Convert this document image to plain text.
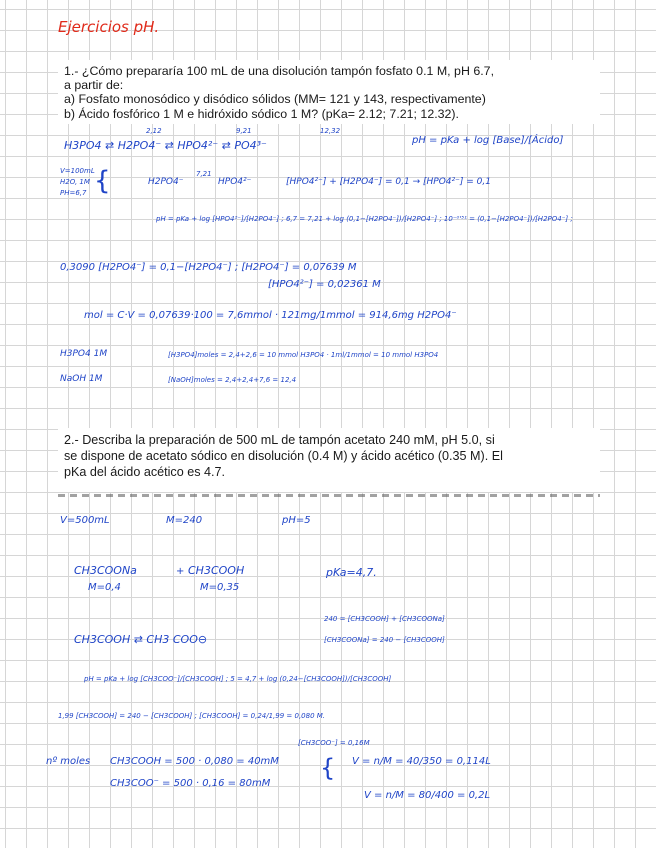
Ejercicios pH.

1.- ¿Cómo prepararía 100 mL de una disolución tampón fosfato 0.1 M, pH 6.7,

a partir de:

a) Fosfato monosódico y disódico sólidos (MM= 121 y 143, respectivamente)

b) Ácido fosfórico 1 M e hidróxido sódico 1 M? (pKa= 2.12; 7.21; 12.32).

2,12	9,21	12,32
H3PO4 ⇄ H2PO4⁻ ⇄ HPO4²⁻ ⇄ PO4³⁻	pH = pKa + log [Base]/[Ácido]
V=100mL
H2O, 1M
PH=6,7 {	H2PO4⁻
7,21
HPO4²⁻	[HPO4²⁻] + [H2PO4⁻] = 0,1 → [HPO4²⁻] = 0,1
pH = pKa + log [HPO4²⁻]/[H2PO4⁻] ; 6,7 = 7,21 + log (0,1−[H2PO4⁻])/[H2PO4⁻] ; 10⁻⁰'⁵¹ = (0,1−[H2PO4⁻])/[H2PO4⁻] ;
0,3090 [H2PO4⁻] = 0,1−[H2PO4⁻] ; [H2PO4⁻] = 0,07639 M
[HPO4²⁻] = 0,02361 M
mol = C·V = 0,07639·100 = 7,6mmol · 121mg/1mmol = 914,6mg H2PO4⁻
H3PO4 1M	[H3PO4]moles = 2,4+2,6 = 10 mmol H3PO4 · 1ml/1mmol = 10 mmol H3PO4
NaOH 1M	[NaOH]moles = 2,4+2,4+7,6 = 12,4

2.- Describa la preparación de 500 mL de tampón acetato 240 mM, pH 5.0, si

se dispone de acetato sódico en disolución (0.4 M) y ácido acético (0.35 M). El

pKa del ácido acético es 4.7.

V=500mL	M=240	pH=5
CH3COONa
M=0,4
+ CH3COOH
M=0,35
pKa=4,7.
240 = [CH3COOH] + [CH3COONa]
[CH3COONa] = 240 − [CH3COOH]
CH3COOH ⇄ CH3 COO⊖
pH = pKa + log [CH3COO⁻]/[CH3COOH] ; 5 = 4,7 + log (0,24−[CH3COOH])/[CH3COOH]
1,99 [CH3COOH] = 240 − [CH3COOH] ; [CH3COOH] = 0,24/1,99 = 0,080 M.
[CH3COO⁻] = 0,16M
nº moles CH3COOH = 500 · 0,080 = 40mM
CH3COO⁻ = 500 · 0,16 = 80mM
{ V = n/M = 40/350 = 0,114L
V = n/M = 80/400 = 0,2L
